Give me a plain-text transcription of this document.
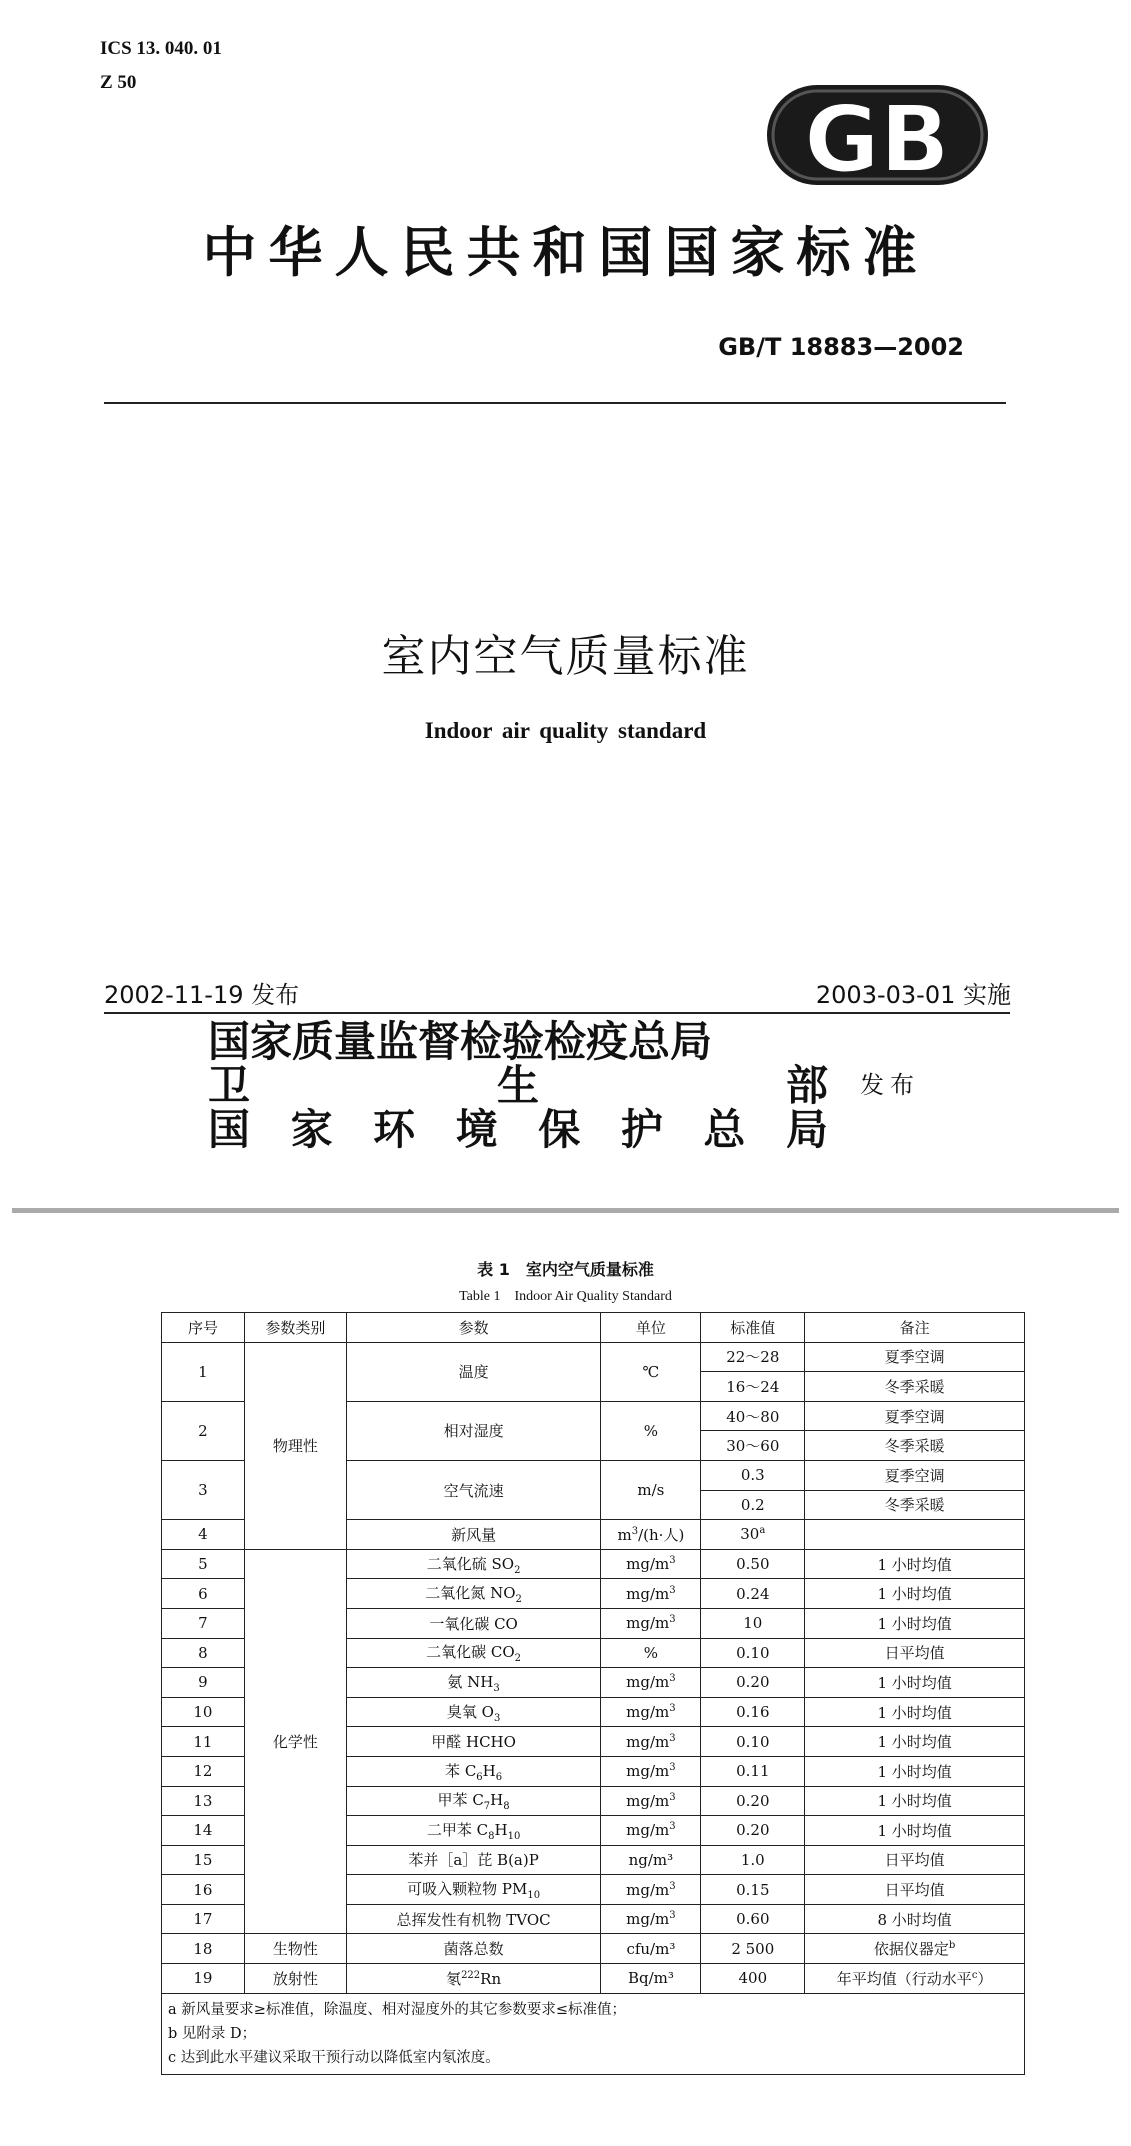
ICS 13. 040. 01
Z 50
GB
中华人民共和国国家标准
GB/T 18883—2002
室内空气质量标准
Indoor air quality standard
2002-11-19 发布	2003-03-01 实施
国家质量监督检验检疫总局
卫	生	部
国 家 环 境 保 护 总 局
发布
表 1　室内空气质量标准
Table 1　Indoor Air Quality Standard
序号	参数类别	参数	单位	标准值	备注
1	物理性	温度	℃	22～28	夏季空调
				16～24	冬季采暖
2		相对湿度	%	40～80	夏季空调
				30～60	冬季采暖
3		空气流速	m/s	0.3	夏季空调
				0.2	冬季采暖
4		新风量	$m^3/(h\cdot$人)	30$^a$	
5	化学性	二氧化硫 $SO_2$	$mg/m^3$	0.50	1 小时均值
6		二氧化氮 $NO_2$	$mg/m^3$	0.24	1 小时均值
7		一氧化碳 CO	$mg/m^3$	10	1 小时均值
8		二氧化碳 $CO_2$	%	0.10	日平均值
9		氨 $NH_3$	$mg/m^3$	0.20	1 小时均值
10		臭氧 $O_3$	$mg/m^3$	0.16	1 小时均值
11		甲醛 HCHO	$mg/m^3$	0.10	1 小时均值
12		苯 $C_6H_6$	$mg/m^3$	0.11	1 小时均值
13		甲苯 $C_7H_8$	$mg/m^3$	0.20	1 小时均值
14		二甲苯 $C_8H_{10}$	$mg/m^3$	0.20	1 小时均值
15		苯并［a］芘 B(a)P	ng/m³	1.0	日平均值
16		可吸入颗粒物 $PM_{10}$	$mg/m^3$	0.15	日平均值
17		总挥发性有机物 TVOC	$mg/m^3$	0.60	8 小时均值
18	生物性	菌落总数	cfu/m³	2 500	依据仪器定$^b$
19	放射性	氡$^{222}$Rn	Bq/m³	400	年平均值（行动水平$^c$）

a 新风量要求≥标准值，除温度、相对湿度外的其它参数要求≤标准值；
b 见附录 D；
c 达到此水平建议采取干预行动以降低室内氡浓度。					
